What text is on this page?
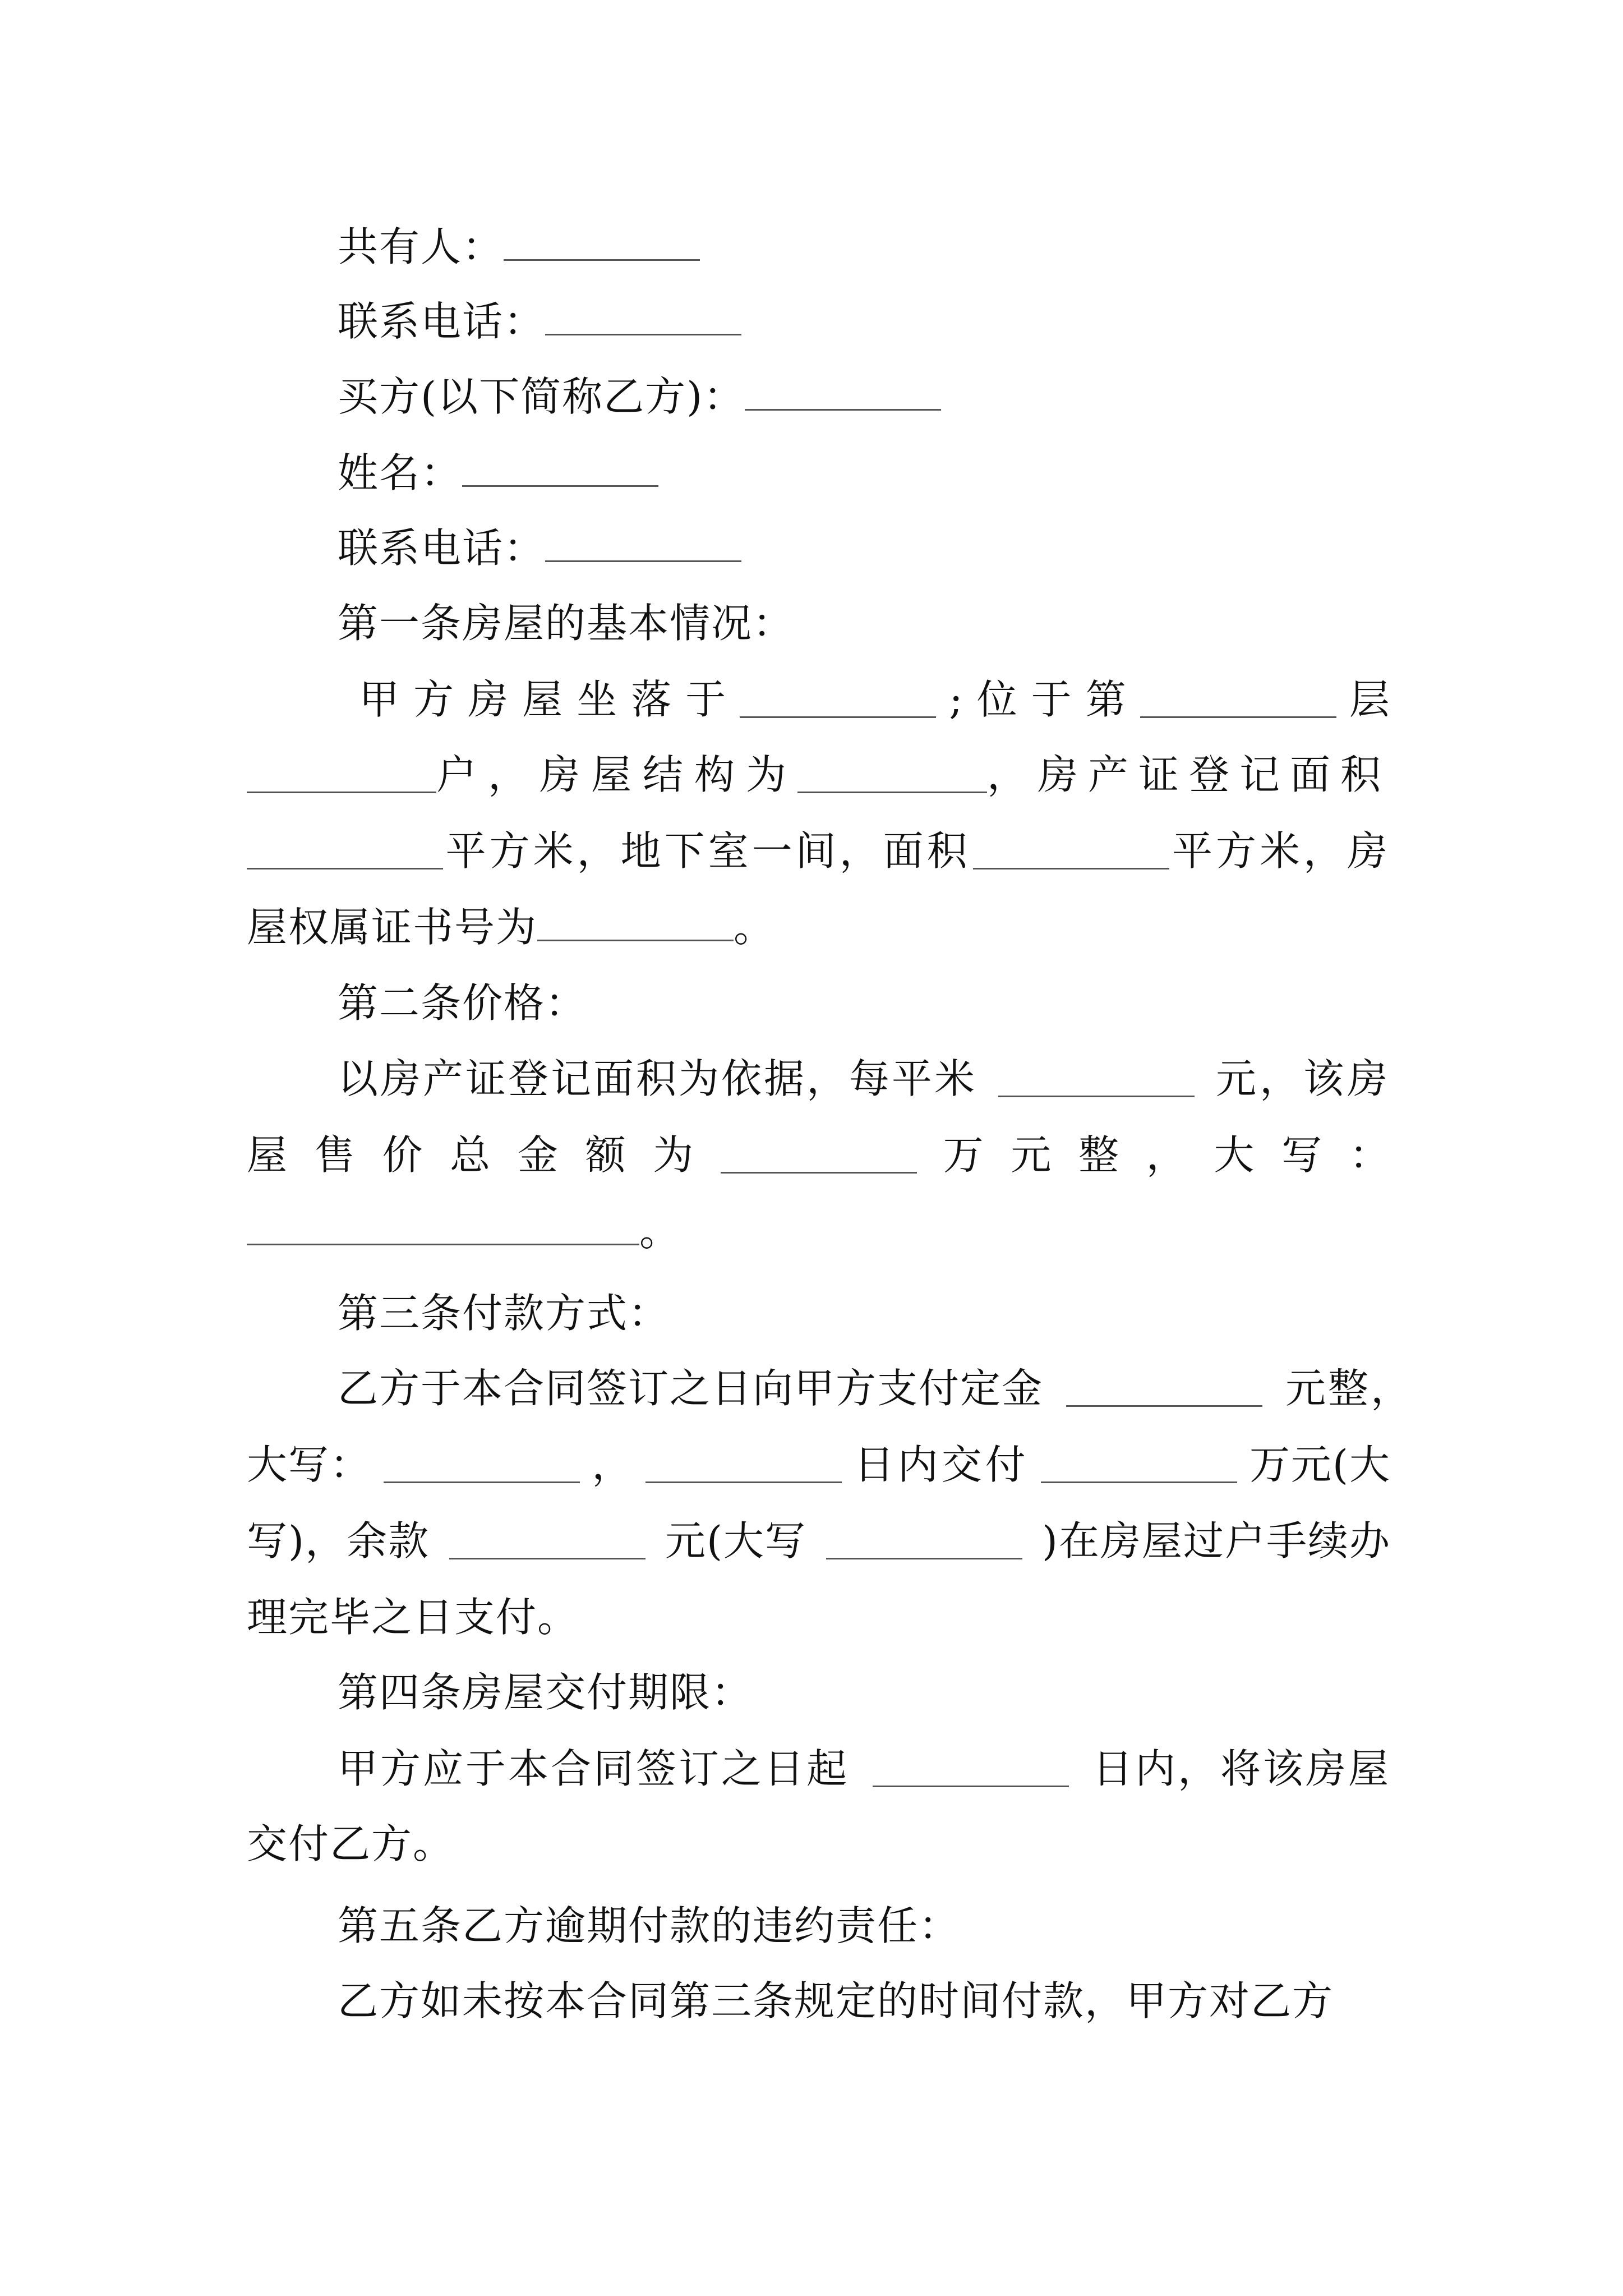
共有人：
联系电话：
买方(以下简称乙方)：
姓名：
联系电话：
第一条房屋的基本情况：
甲 方 房 屋 坐 落 于	; 位 于 第	层
户，房屋结构为	，房产证登记面积
平方米，地下室一间，面积	平方米，房
屋权属证书号为	。
第二条价格：
以房产证登记面积为依据，每平米	元，该房
屋 售 价 总 金 额 为	万 元 整 ， 大 写 ：
。
第三条付款方式：
乙方于本合同签订之日向甲方支付定金	元整，
大写：	，	日内交付	万元(大
写)，余款	元(大写	)在房屋过户手续办
理完毕之日支付。
第四条房屋交付期限：
甲方应于本合同签订之日起	日内，将该房屋
交付乙方。
第五条乙方逾期付款的违约责任：
乙方如未按本合同第三条规定的时间付款，甲方对乙方
